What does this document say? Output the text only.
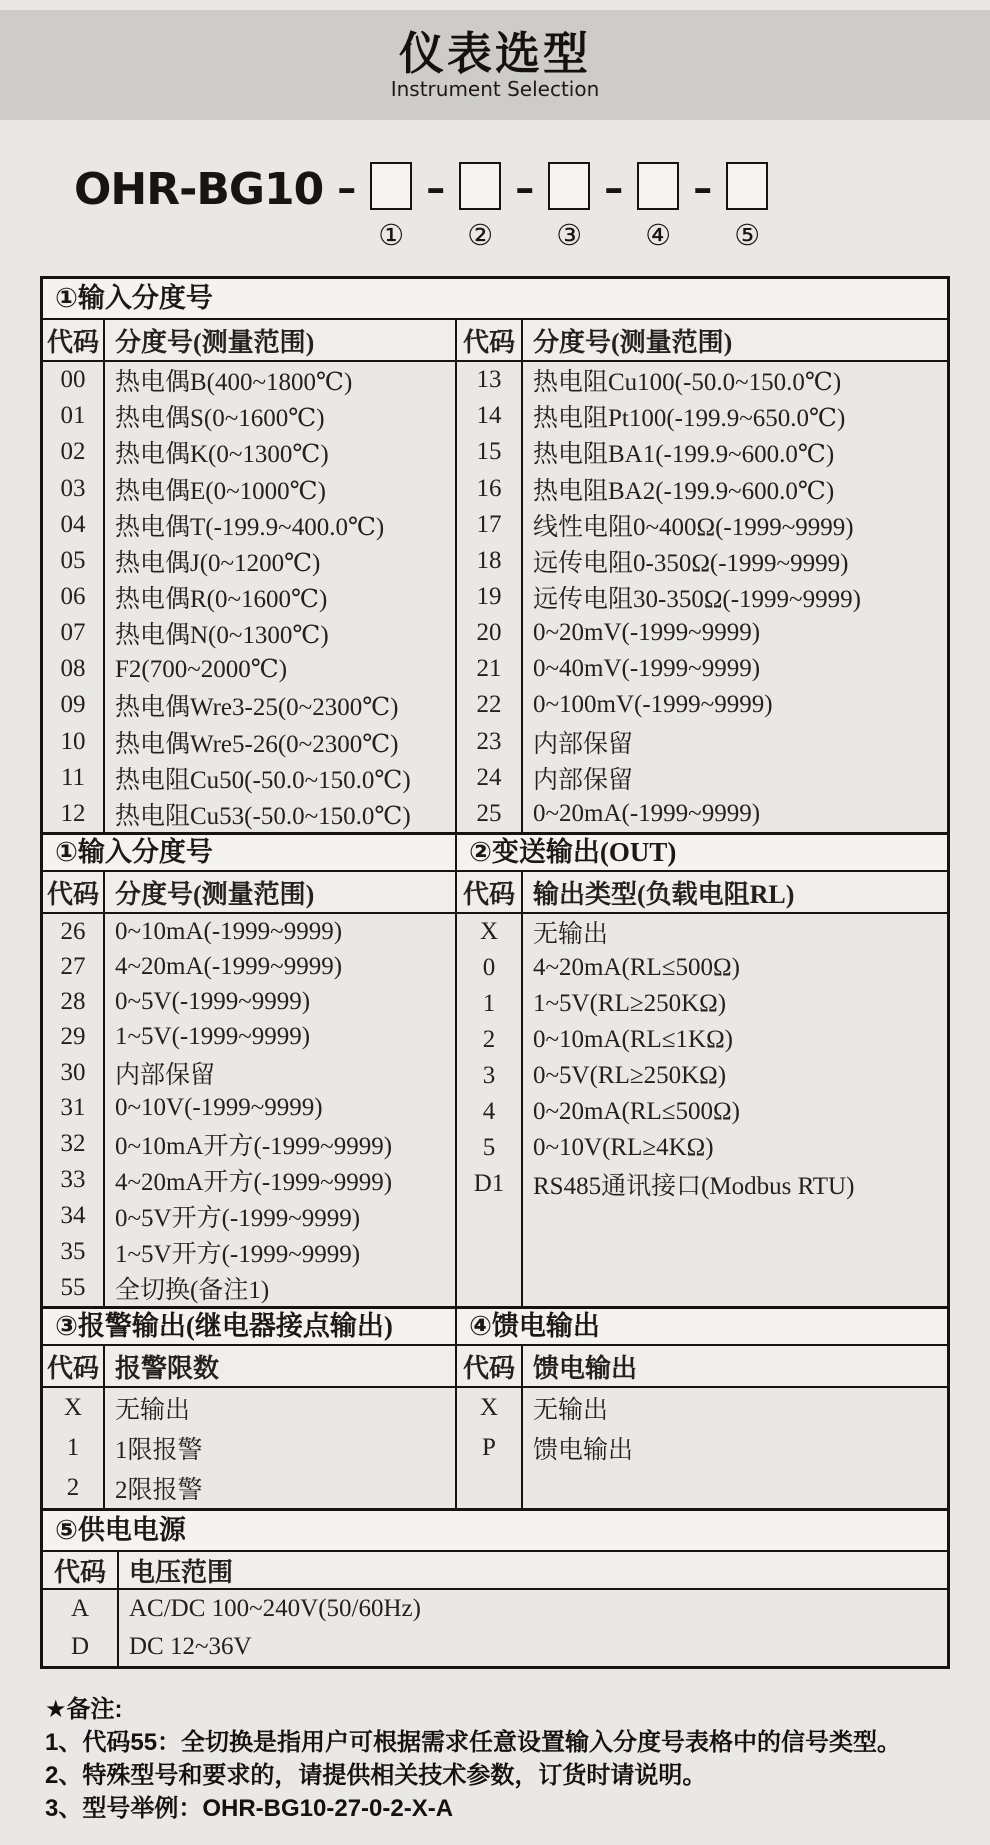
仪表选型
Instrument Selection
OHR-BG10 –
①
–
②
–
③
–
④
–
⑤
①输入分度号
代码 分度号(测量范围)
00	热电偶B(400~1800℃)
01	热电偶S(0~1600℃)
02	热电偶K(0~1300℃)
03	热电偶E(0~1000℃)
04	热电偶T(-199.9~400.0℃)
05	热电偶J(0~1200℃)
06	热电偶R(0~1600℃)
07	热电偶N(0~1300℃)
08	F2(700~2000℃)
09	热电偶Wre3-25(0~2300℃)
10	热电偶Wre5-26(0~2300℃)
11	热电阻Cu50(-50.0~150.0℃)
12	热电阻Cu53(-50.0~150.0℃)
代码 分度号(测量范围)
13	热电阻Cu100(-50.0~150.0℃)
14	热电阻Pt100(-199.9~650.0℃)
15	热电阻BA1(-199.9~600.0℃)
16	热电阻BA2(-199.9~600.0℃)
17	线性电阻0~400Ω(-1999~9999)
18	远传电阻0-350Ω(-1999~9999)
19	远传电阻30-350Ω(-1999~9999)
20	0~20mV(-1999~9999)
21	0~40mV(-1999~9999)
22	0~100mV(-1999~9999)
23	内部保留
24	内部保留
25	0~20mA(-1999~9999)
①输入分度号
代码 分度号(测量范围)
26	0~10mA(-1999~9999)
27	4~20mA(-1999~9999)
28	0~5V(-1999~9999)
29	1~5V(-1999~9999)
30	内部保留
31	0~10V(-1999~9999)
32	0~10mA开方(-1999~9999)
33	4~20mA开方(-1999~9999)
34	0~5V开方(-1999~9999)
35	1~5V开方(-1999~9999)
55	全切换(备注1)
②变送输出(OUT)
代码 输出类型(负载电阻RL)
X	无输出
0	4~20mA(RL≤500Ω)
1	1~5V(RL≥250KΩ)
2	0~10mA(RL≤1KΩ)
3	0~5V(RL≥250KΩ)
4	0~20mA(RL≤500Ω)
5	0~10V(RL≥4KΩ)
D1	RS485通讯接口(Modbus RTU)
③报警输出(继电器接点输出)
代码 报警限数
X	无输出
1	1限报警
2	2限报警
④馈电输出
代码 馈电输出
X	无输出
P	馈电输出
⑤供电电源
代码 电压范围
A	AC/DC 100~240V(50/60Hz)
D	DC 12~36V
★备注:
1、代码55：全切换是指用户可根据需求任意设置输入分度号表格中的信号类型。
2、特殊型号和要求的，请提供相关技术参数，订货时请说明。
3、型号举例：OHR-BG10-27-0-2-X-A
